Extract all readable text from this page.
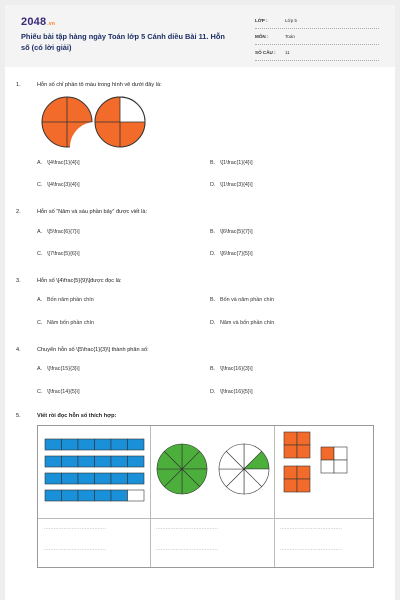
2048.vn
Phiếu bài tập hàng ngày Toán lớp 5 Cánh diều Bài 11. Hỗn số (có lời giải)
LỚP :	Lớp 5
MÔN :	Toán
SỐ CÂU : 11
1.	Hỗn số chỉ phần tô màu trong hình vẽ dưới đây là:
A. \[4\frac{1}{4}\]	B. \[1\frac{1}{4}\]
C. \[4\frac{3}{4}\]	D. \[1\frac{3}{4}\]
2.	Hỗn số “Năm và sáu phần bảy” được viết là:
A. \[5\frac{6}{7}\]	B. \[6\frac{5}{7}\]
C. \[7\frac{5}{6}\]	D. \[6\frac{7}{5}\]
3.	Hỗn số \[4\frac{5}{9}\]được đọc là:
A. Bốn năm phần chín	B. Bốn và năm phần chín
C. Năm bốn phần chín	D. Năm và bốn phần chín
4.	Chuyển hỗn số \[5\frac{1}{3}\] thành phân số:
A. \[\frac{15}{3}\]	B. \[\frac{16}{3}\]
C. \[\frac{14}{5}\]	D. \[\frac{16}{5}\]
5.	Viết rồi đọc hỗn số thích hợp:
......................................
......................................
......................................
......................................
......................................
......................................
